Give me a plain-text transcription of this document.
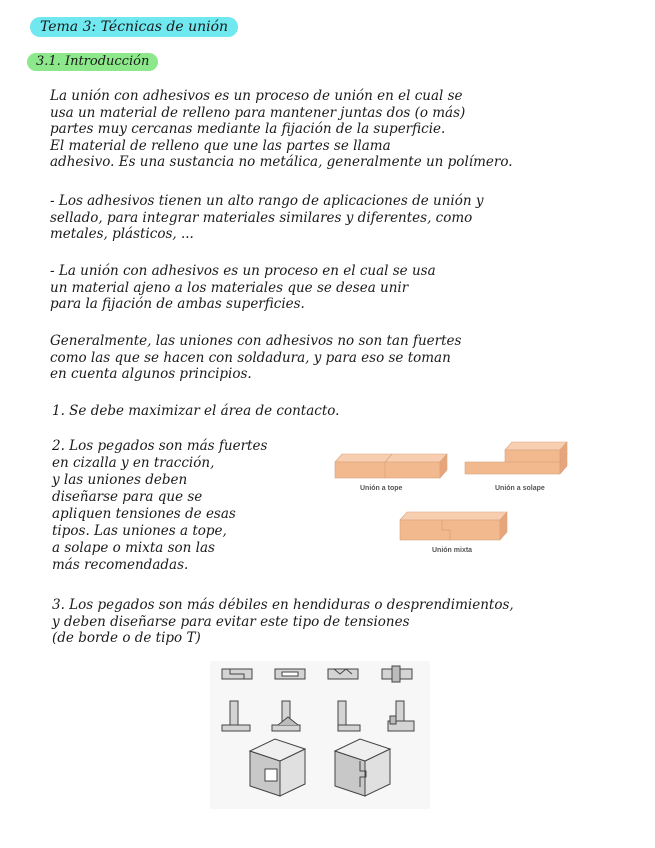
Tema 3: Técnicas de unión
3.1. Introducción

La unión con adhesivos es un proceso de unión en el cual se
usa un material de relleno para mantener juntas dos (o más)
partes muy cercanas mediante la fijación de la superficie.
El material de relleno que une las partes se llama
adhesivo. Es una sustancia no metálica, generalmente un polímero.

- Los adhesivos tienen un alto rango de aplicaciones de unión y
sellado, para integrar materiales similares y diferentes, como
metales, plásticos, ...

- La unión con adhesivos es un proceso en el cual se usa
un material ajeno a los materiales que se desea unir
para la fijación de ambas superficies.

Generalmente, las uniones con adhesivos no son tan fuertes
como las que se hacen con soldadura, y para eso se toman
en cuenta algunos principios.

1. Se debe maximizar el área de contacto.

2. Los pegados son más fuertes
en cizalla y en tracción,
y las uniones deben
diseñarse para que se
apliquen tensiones de esas
tipos. Las uniones a tope,
a solape o mixta son las
más recomendadas.

3. Los pegados son más débiles en hendiduras o desprendimientos,
y deben diseñarse para evitar este tipo de tensiones
(de borde o de tipo T)

Unión a tope	Unión a solape
Unión mixta
